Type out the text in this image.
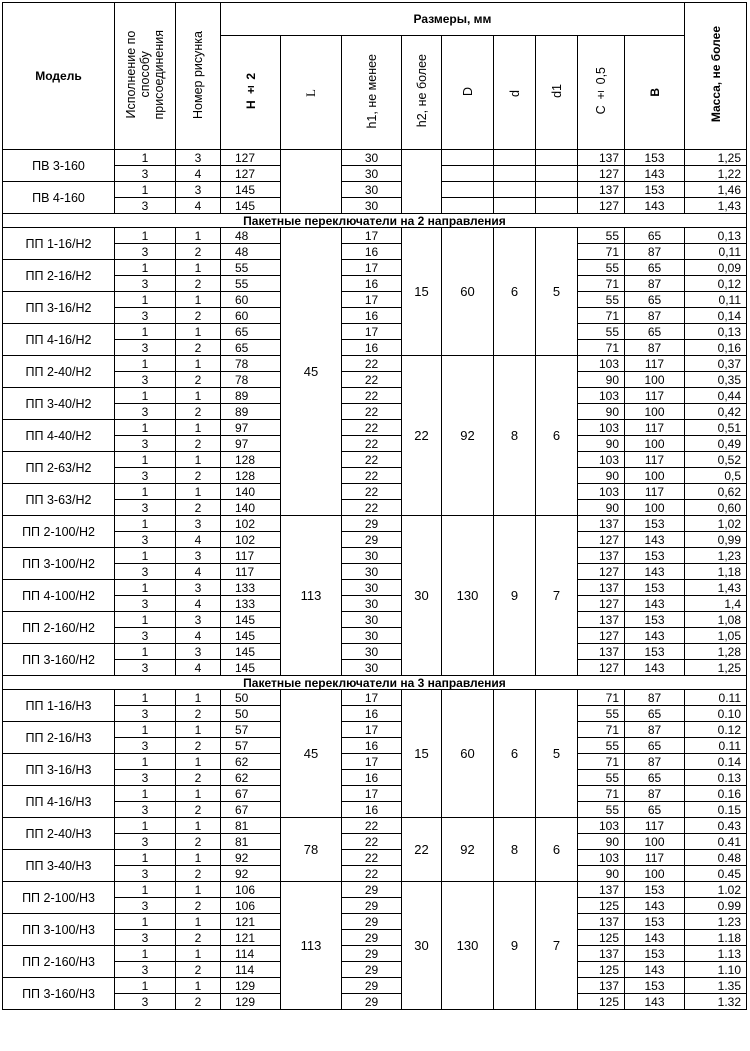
Модель	Исполнение по
способу
присоединения	Номер рисунка	Размеры, мм									Масса, не более
			H ± 2	L	h1, не менее	h2, не более	D	d	d1	C ± 0,5	B	
ПВ 3-160	1	3	127		30					137	153	1,25
	3	4	127		30					127	143	1,22
ПВ 4-160	1	3	145		30					137	153	1,46
	3	4	145		30					127	143	1,43
Пакетные переключатели на 2 направления												
ПП 1-16/Н2	1	1	48	45	17	15	60	6	5	55	65	0,13
	3	2	48		16					71	87	0,11
ПП 2-16/Н2	1	1	55		17					55	65	0,09
	3	2	55		16					71	87	0,12
ПП 3-16/Н2	1	1	60		17					55	65	0,11
	3	2	60		16					71	87	0,14
ПП 4-16/Н2	1	1	65		17					55	65	0,13
	3	2	65		16					71	87	0,16
ПП 2-40/Н2	1	1	78		22	22	92	8	6	103	117	0,37
	3	2	78		22					90	100	0,35
ПП 3-40/Н2	1	1	89		22					103	117	0,44
	3	2	89		22					90	100	0,42
ПП 4-40/Н2	1	1	97		22					103	117	0,51
	3	2	97		22					90	100	0,49
ПП 2-63/Н2	1	1	128		22					103	117	0,52
	3	2	128		22					90	100	0,5
ПП 3-63/Н2	1	1	140		22					103	117	0,62
	3	2	140		22					90	100	0,60
ПП 2-100/Н2	1	3	102	113	29	30	130	9	7	137	153	1,02
	3	4	102		29					127	143	0,99
ПП 3-100/Н2	1	3	117		30					137	153	1,23
	3	4	117		30					127	143	1,18
ПП 4-100/Н2	1	3	133		30					137	153	1,43
	3	4	133		30					127	143	1,4
ПП 2-160/Н2	1	3	145		30					137	153	1,08
	3	4	145		30					127	143	1,05
ПП 3-160/Н2	1	3	145		30					137	153	1,28
	3	4	145		30					127	143	1,25
Пакетные переключатели на 3 направления												
ПП 1-16/Н3	1	1	50	45	17	15	60	6	5	71	87	0.11
	3	2	50		16					55	65	0.10
ПП 2-16/Н3	1	1	57		17					71	87	0.12
	3	2	57		16					55	65	0.11
ПП 3-16/Н3	1	1	62		17					71	87	0.14
	3	2	62		16					55	65	0.13
ПП 4-16/Н3	1	1	67		17					71	87	0.16
	3	2	67		16					55	65	0.15
ПП 2-40/Н3	1	1	81	78	22	22	92	8	6	103	117	0.43
	3	2	81		22					90	100	0.41
ПП 3-40/Н3	1	1	92		22					103	117	0.48
	3	2	92		22					90	100	0.45
ПП 2-100/Н3	1	1	106	113	29	30	130	9	7	137	153	1.02
	3	2	106		29					125	143	0.99
ПП 3-100/Н3	1	1	121		29					137	153	1.23
	3	2	121		29					125	143	1.18
ПП 2-160/Н3	1	1	114		29					137	153	1.13
	3	2	114		29					125	143	1.10
ПП 3-160/Н3	1	1	129		29					137	153	1.35
	3	2	129		29					125	143	1.32
